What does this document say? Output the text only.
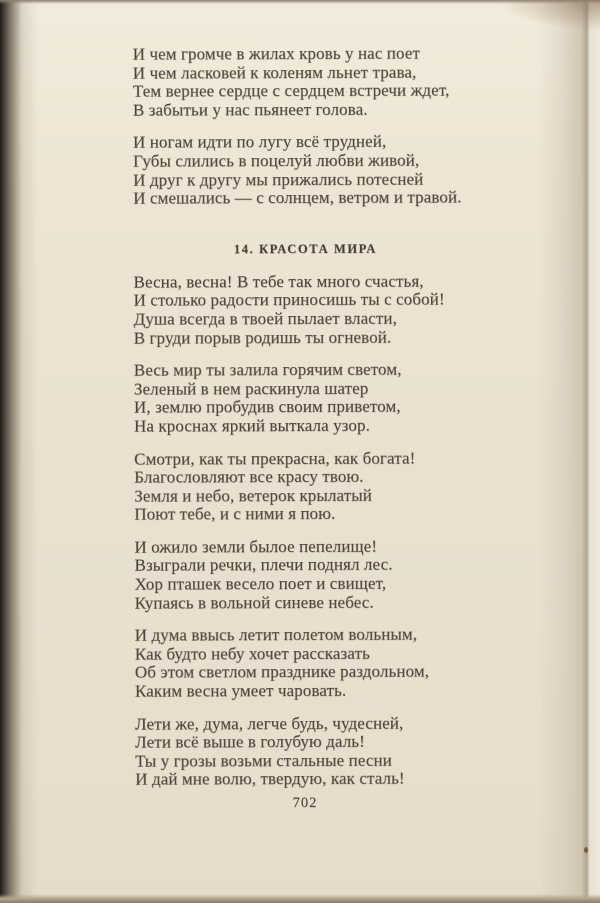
И чем громче в жилах кровь у нас поет
И чем ласковей к коленям льнет трава,
Тем вернее сердце с сердцем встречи ждет,
В забытьи у нас пьянеет голова.
И ногам идти по лугу всё трудней,
Губы слились в поцелуй любви живой,
И друг к другу мы прижались потесней
И смешались — с солнцем, ветром и травой.
14. КРАСОТА МИРА
Весна, весна! В тебе так много счастья,
И столько радости приносишь ты с собой!
Душа всегда в твоей пылает власти,
В груди порыв родишь ты огневой.
Весь мир ты залила горячим светом,
Зеленый в нем раскинула шатер
И, землю пробудив своим приветом,
На кроснах яркий выткала узор.
Смотри, как ты прекрасна, как богата!
Благословляют все красу твою.
Земля и небо, ветерок крылатый
Поют тебе, и с ними я пою.
И ожило земли былое пепелище!
Взыграли речки, плечи поднял лес.
Хор пташек весело поет и свищет,
Купаясь в вольной синеве небес.
И дума ввысь летит полетом вольным,
Как будто небу хочет рассказать
Об этом светлом празднике раздольном,
Каким весна умеет чаровать.
Лети же, дума, легче будь, чудесней,
Лети всё выше в голубую даль!
Ты у грозы возьми стальные песни
И дай мне волю, твердую, как сталь!
702
